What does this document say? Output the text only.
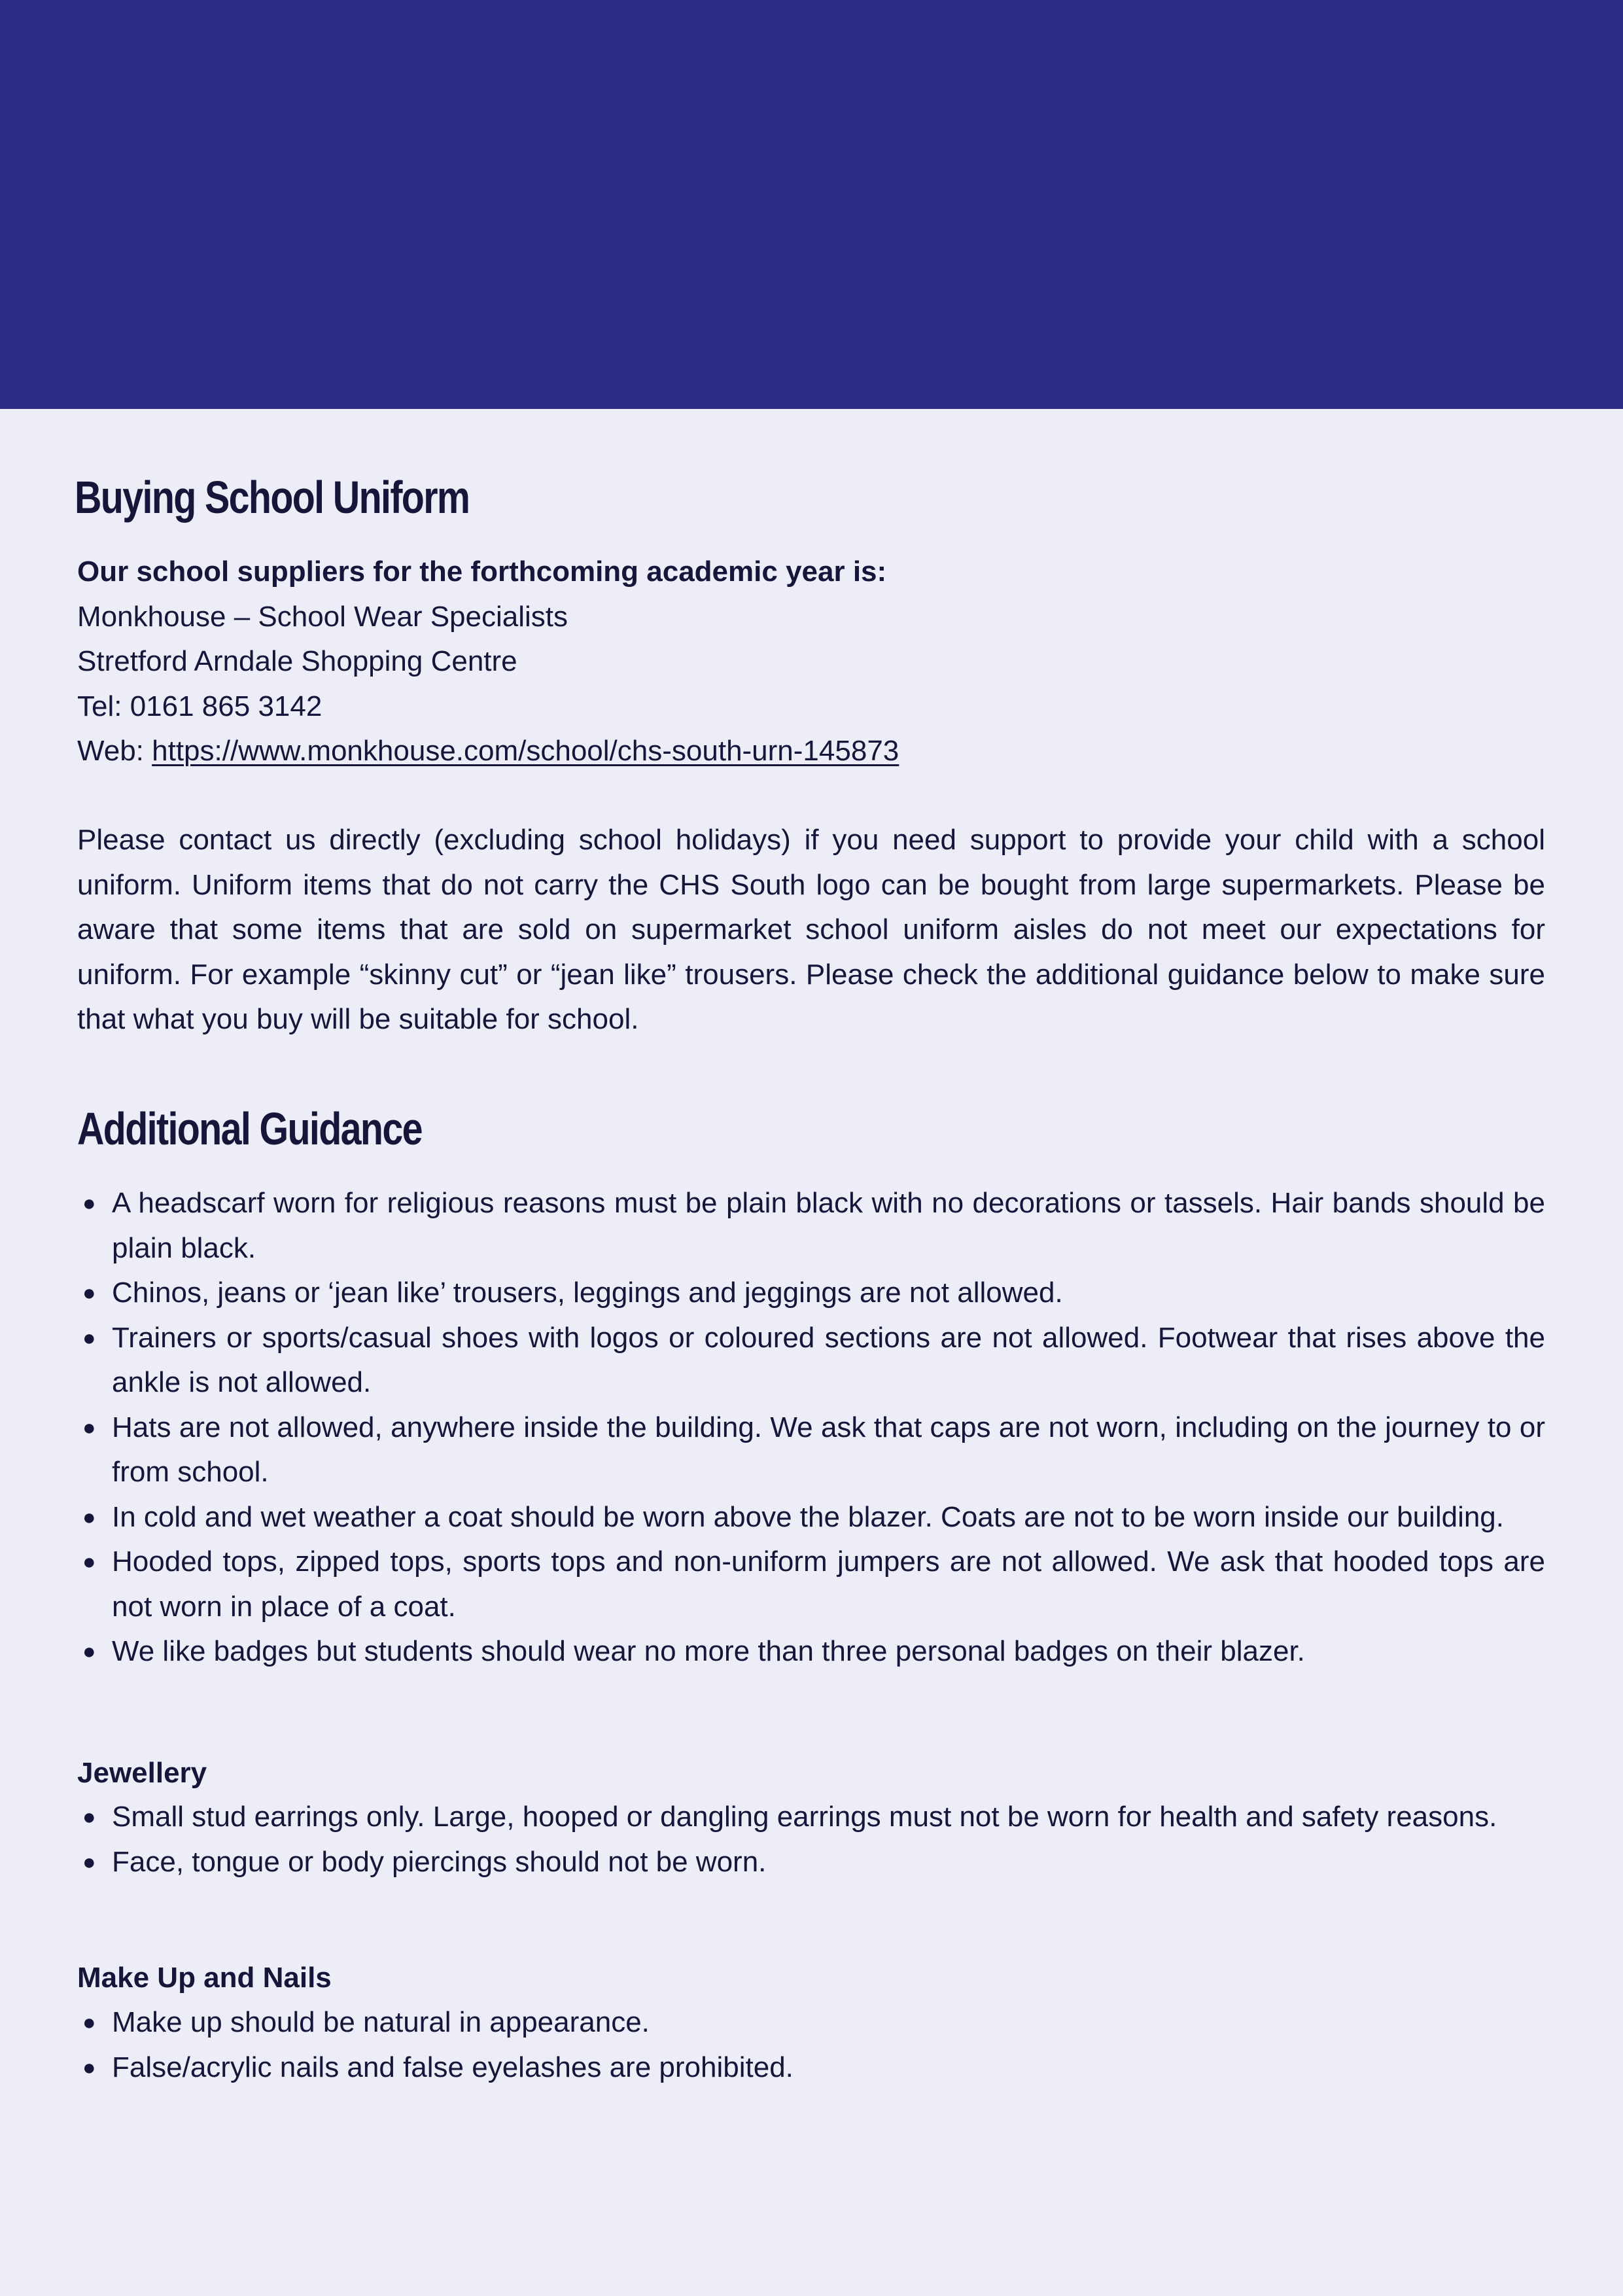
Buying School Uniform
Our school suppliers for the forthcoming academic year is:
Monkhouse – School Wear Specialists
Stretford Arndale Shopping Centre
Tel: 0161 865 3142
Web: https://www.monkhouse.com/school/chs-south-urn-145873

Please contact us directly (excluding school holidays) if you need support to provide your child with a school uniform. Uniform items that do not carry the CHS South logo can be bought from large supermarkets. Please be aware that some items that are sold on supermarket school uniform aisles do not meet our expectations for uniform. For example “skinny cut” or “jean like” trousers. Please check the additional guidance below to make sure that what you buy will be suitable for school.

Additional Guidance
● A headscarf worn for religious reasons must be plain black with no decorations or tassels. Hair bands should be plain black.
● Chinos, jeans or ‘jean like’ trousers, leggings and jeggings are not allowed.
● Trainers or sports/casual shoes with logos or coloured sections are not allowed. Footwear that rises above the ankle is not allowed.
● Hats are not allowed, anywhere inside the building. We ask that caps are not worn, including on the journey to or from school.
● In cold and wet weather a coat should be worn above the blazer. Coats are not to be worn inside our building.
● Hooded tops, zipped tops, sports tops and non-uniform jumpers are not allowed. We ask that hooded tops are not worn in place of a coat.
● We like badges but students should wear no more than three personal badges on their blazer.
Jewellery
● Small stud earrings only. Large, hooped or dangling earrings must not be worn for health and safety reasons.
● Face, tongue or body piercings should not be worn.
Make Up and Nails
● Make up should be natural in appearance.
● False/acrylic nails and false eyelashes are prohibited.
